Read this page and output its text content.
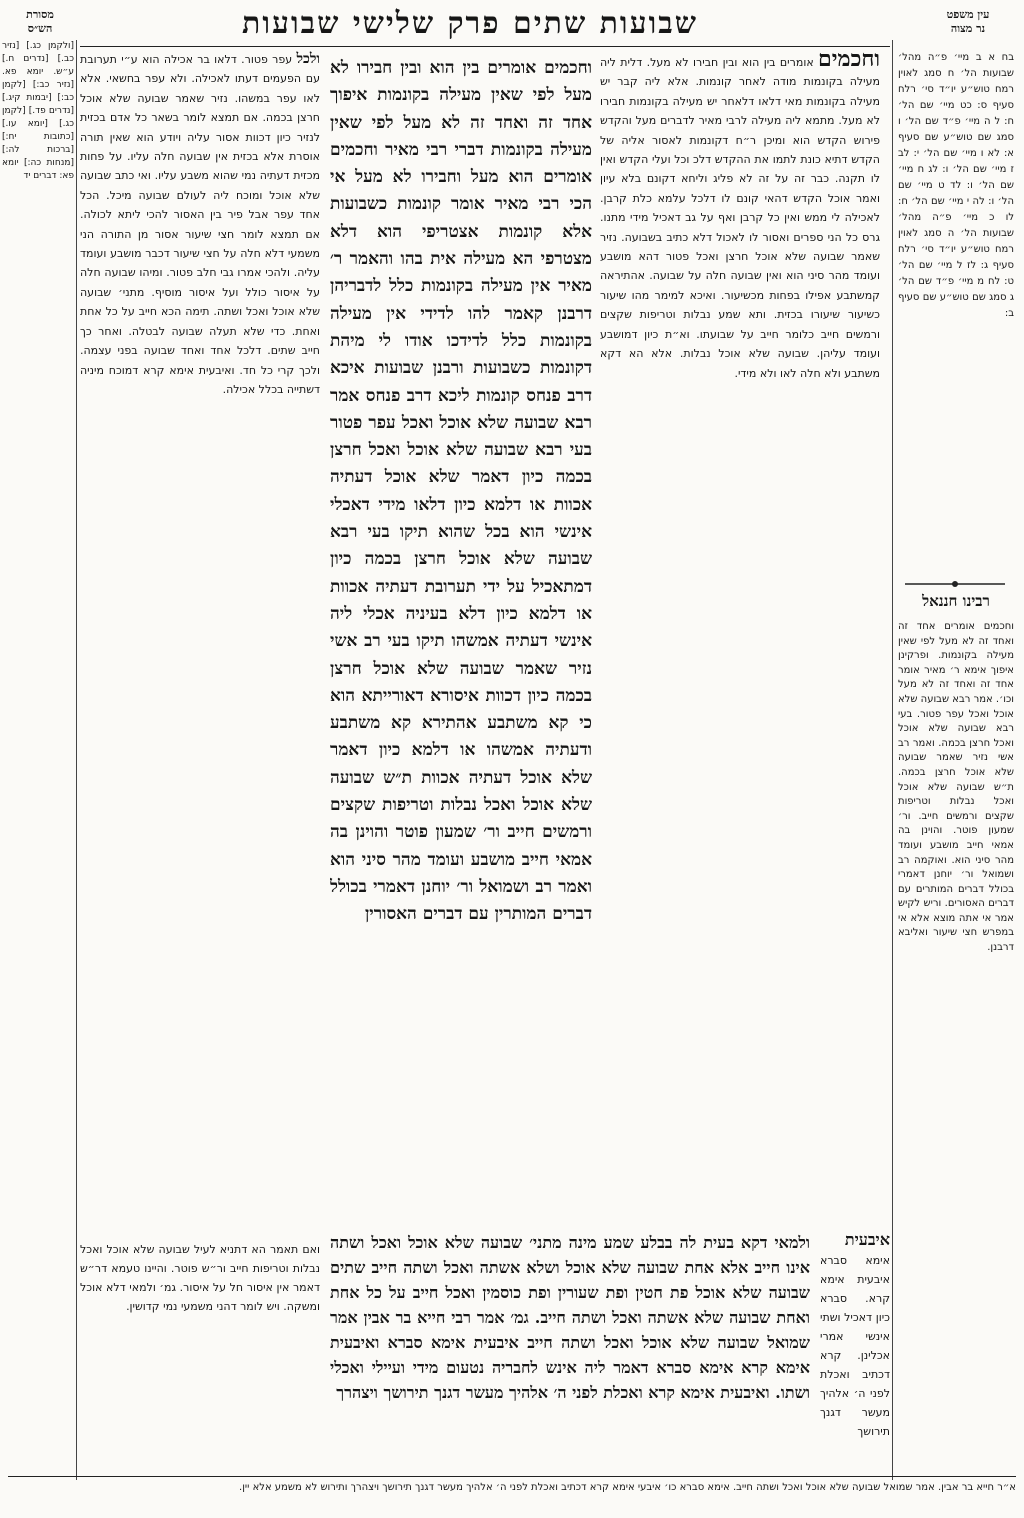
עין משפט
נר מצוה
שבועות שתים פרק שלישי שבועות
מסורת
הש״ס
בח א ב מיי׳ פ״ה מהל׳ שבועות הל׳ ח סמג לאוין רמח טוש״ע יו״ד סי׳ רלח סעיף ס: כט מיי׳ שם הל׳ ח: ל ה מיי׳ פ״ד שם הל׳ ו סמג שם טוש״ע שם סעיף א: לא ו מיי׳ שם הל׳ י: לב ז מיי׳ שם הל׳ ו: לג ח מיי׳ שם הל׳ ו: לד ט מיי׳ שם הל׳ ו: לה י מיי׳ שם הל׳ ח: לו כ מיי׳ פ״ה מהל׳ שבועות הל׳ ה סמג לאוין רמח טוש״ע יו״ד סי׳ רלח סעיף ג: לז ל מיי׳ שם הל׳ ט: לח מ מיי׳ פ״ד שם הל׳ ג סמג שם טוש״ע שם סעיף ב:
רבינו חננאל
וחכמים אומרים אחד זה ואחד זה לא מעל לפי שאין מעילה בקונמות. ופרקינן איפוך אימא ר׳ מאיר אומר אחד זה ואחד זה לא מעל וכו׳. אמר רבא שבועה שלא אוכל ואכל עפר פטור. בעי רבא שבועה שלא אוכל ואכל חרצן בכמה. ואמר רב אשי נזיר שאמר שבועה שלא אוכל חרצן בכמה. ת״ש שבועה שלא אוכל ואכל נבלות וטריפות שקצים ורמשים חייב. ור׳ שמעון פוטר. והוינן בה אמאי חייב מושבע ועומד מהר סיני הוא. ואוקמה רב ושמואל ור׳ יוחנן דאמרי בכולל דברים המותרים עם דברים האסורים. וריש לקיש אמר אי אתה מוצא אלא אי במפרש חצי שיעור ואליבא דרבנן.
וחכמים אומרים בין הוא ובין חבירו לא מעל. דלית ליה מעילה בקונמות מודה לאחר קונמות. אלא ליה קבר יש מעילה בקונמות מאי דלאו דלאחר יש מעילה בקונמות חבירו לא מעל. מתמא ליה מעילה לרבי מאיר לדברים מעל והקדש פירוש הקדש הוא ומיכן ר״ח דקונמות לאסור אליה של הקדש דתיא כונת לתמו את ההקדש דלכ וכל ועלי הקדש ואין לו תקנה. כבר זה על זה לא פליג וליחא דקונם בלא עיון ואמר אוכל הקדש דהאי קונם לו דלכל עלמא כלת קרבן. לאכילה לי ממש ואין כל קרבן ואף על גב דאכיל מידי מתנו. גרס כל הני ספרים ואסור לו לאכול דלא כתיב בשבועה. נזיר שאמר שבועה שלא אוכל חרצן ואכל פטור דהא מושבע ועומד מהר סיני הוא ואין שבועה חלה על שבועה. אהתיראה קמשתבע אפילו בפחות מכשיעור. ואיכא למימר מהו שיעור כשיעור שיעורו בכזית. ותא שמע נבלות וטריפות שקצים ורמשים חייב כלומר חייב על שבועתו. וא״ת כיון דמושבע ועומד עליהן. שבועה שלא אוכל נבלות. אלא הא דקא משתבע ולא חלה לאו ולא מידי.
וחכמים אומרים בין הוא ובין חבירו לא מעל לפי שאין מעילה בקונמות איפוך אחד זה ואחד זה לא מעל לפי שאין מעילה בקונמות דברי רבי מאיר וחכמים אומרים הוא מעל וחבירו לא מעל אי הכי רבי מאיר אומר קונמות כשבועות אלא קונמות אצטריפי הוא דלא מצטרפי הא מעילה אית בהו והאמר ר׳ מאיר אין מעילה בקונמות כלל לדבריהן דרבנן קאמר להו לדידי אין מעילה בקונמות כלל לדידכו אודו לי מיהת דקונמות כשבועות ורבנן שבועות איכא דרב פנחס קונמות ליכא דרב פנחס אמר רבא שבועה שלא אוכל ואכל עפר פטור בעי רבא שבועה שלא אוכל ואכל חרצן בכמה כיון דאמר שלא אוכל דעתיה אכוות או דלמא כיון דלאו מידי דאכלי אינשי הוא בכל שהוא תיקו בעי רבא שבועה שלא אוכל חרצן בכמה כיון דמתאכיל על ידי תערובת דעתיה אכוות או דלמא כיון דלא בעיניה אכלי ליה אינשי דעתיה אמשהו תיקו בעי רב אשי נזיר שאמר שבועה שלא אוכל חרצן בכמה כיון דכוות איסורא דאורייתא הוא כי קא משתבע אהתירא קא משתבע ודעתיה אמשהו או דלמא כיון דאמר שלא אוכל דעתיה אכוות ת״ש שבועה שלא אוכל ואכל נבלות וטריפות שקצים ורמשים חייב ור׳ שמעון פוטר והוינן בה אמאי חייב מושבע ועומד מהר סיני הוא ואמר רב ושמואל ור׳ יוחנן דאמרי בכולל דברים המותרין עם דברים האסורין
ולכל עפר פטור. דלאו בר אכילה הוא ע״י תערובת עם הפעמים דעתו לאכילה. ולא עפר בחשאי. אלא לאו עפר במשהו. נזיר שאמר שבועה שלא אוכל חרצן בכמה. אם תמצא לומר בשאר כל אדם בכזית לנזיר כיון דכוות אסור עליה ויודע הוא שאין תורה אוסרת אלא בכזית אין שבועה חלה עליו. על פחות מכזית דעתיה נמי שהוא משבע עליו. ואי כתב שבועה שלא אוכל ומוכח ליה לעולם שבועה מיכל. הכל אחד עפר אבל פיר בין האסור להכי ליתא לכולה. אם תמצא לומר חצי שיעור אסור מן התורה הני משמעי דלא חלה על חצי שיעור דכבר מושבע ועומד עליה. ולהכי אמרו גבי חלב פטור. ומיהו שבועה חלה על איסור כולל ועל איסור מוסיף. מתני׳ שבועה שלא אוכל ואכל ושתה. תימה הכא חייב על כל אחת ואחת. כדי שלא תעלה שבועה לבטלה. ואחר כך חייב שתים. דלכל אחד ואחד שבועה בפני עצמה. ולכך קרי כל חד. ואיבעית אימא קרא דמוכח מיניה דשתייה בכלל אכילה.
ולמאי דקא בעית לה בבלע שמע מינה מתני׳ שבועה שלא אוכל ואכל ושתה אינו חייב אלא אחת שבועה שלא אוכל ושלא אשתה ואכל ושתה חייב שתים שבועה שלא אוכל פת חטין ופת שעורין ופת כוסמין ואכל חייב על כל אחת ואחת שבועה שלא אשתה ואכל ושתה חייב. גמ׳ אמר רבי חייא בר אבין אמר שמואל שבועה שלא אוכל ואכל ושתה חייב איבעית אימא סברא ואיבעית אימא קרא אימא סברא דאמר ליה אינש לחבריה נטעום מידי ועיילי ואכלי ושתו. ואיבעית אימא קרא ואכלת לפני ה׳ אלהיך מעשר דגנך תירושך ויצהרך
איבעית אימא סברא איבעית אימא קרא. סברא כיון דאכיל ושתי אינשי אמרי אכלינן. קרא דכתיב ואכלת לפני ה׳ אלהיך מעשר דגנך תירושך
ואם תאמר הא דתניא לעיל שבועה שלא אוכל ואכל נבלות וטריפות חייב ור״ש פוטר. והיינו טעמא דר״ש דאמר אין איסור חל על איסור. גמ׳ ולמאי דלא אוכל ומשקה. ויש לומר דהני משמעי נמי קדושין.
[ולקמן כג.] [נזיר כב.] [נדרים ח.] ע״ש. יומא פא. [נזיר כב:] [לקמן כב:] [יבמות קיג.] [נדרים פד.] [לקמן כג.] [יומא עו.] [כתובות יח:] [ברכות לה:] [מנחות כה:] יומא פא: דברים יד
א״ר חייא בר אבין. אמר שמואל שבועה שלא אוכל ואכל ושתה חייב. אימא סברא כו׳ איבעי אימא קרא דכתיב ואכלת לפני ה׳ אלהיך מעשר דגנך תירושך ויצהרך ותירוש לא משמע אלא יין.
